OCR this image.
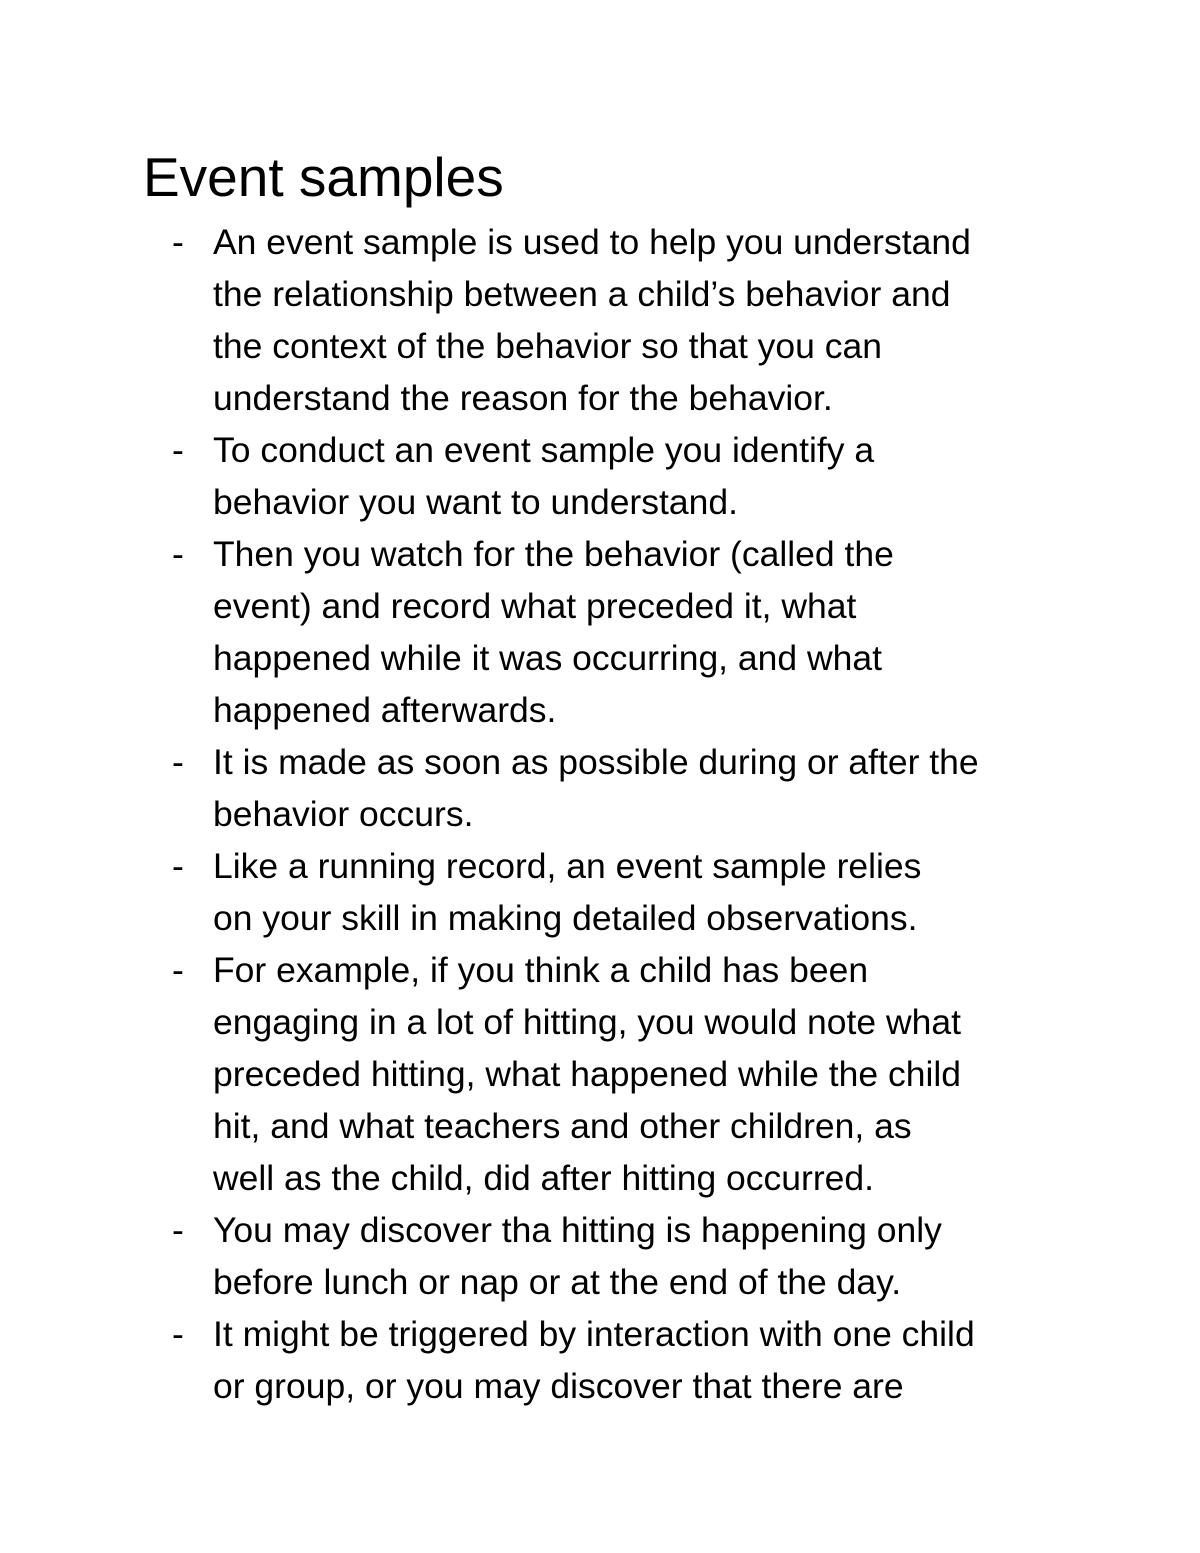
Event samples
- An event sample is used to help you understand
the relationship between a child’s behavior and
the context of the behavior so that you can
understand the reason for the behavior.
- To conduct an event sample you identify a
behavior you want to understand.
- Then you watch for the behavior (called the
event) and record what preceded it, what
happened while it was occurring, and what
happened afterwards.
- It is made as soon as possible during or after the
behavior occurs.
- Like a running record, an event sample relies
on your skill in making detailed observations.
- For example, if you think a child has been
engaging in a lot of hitting, you would note what
preceded hitting, what happened while the child
hit, and what teachers and other children, as
well as the child, did after hitting occurred.
- You may discover tha hitting is happening only
before lunch or nap or at the end of the day.
- It might be triggered by interaction with one child
or group, or you may discover that there are
